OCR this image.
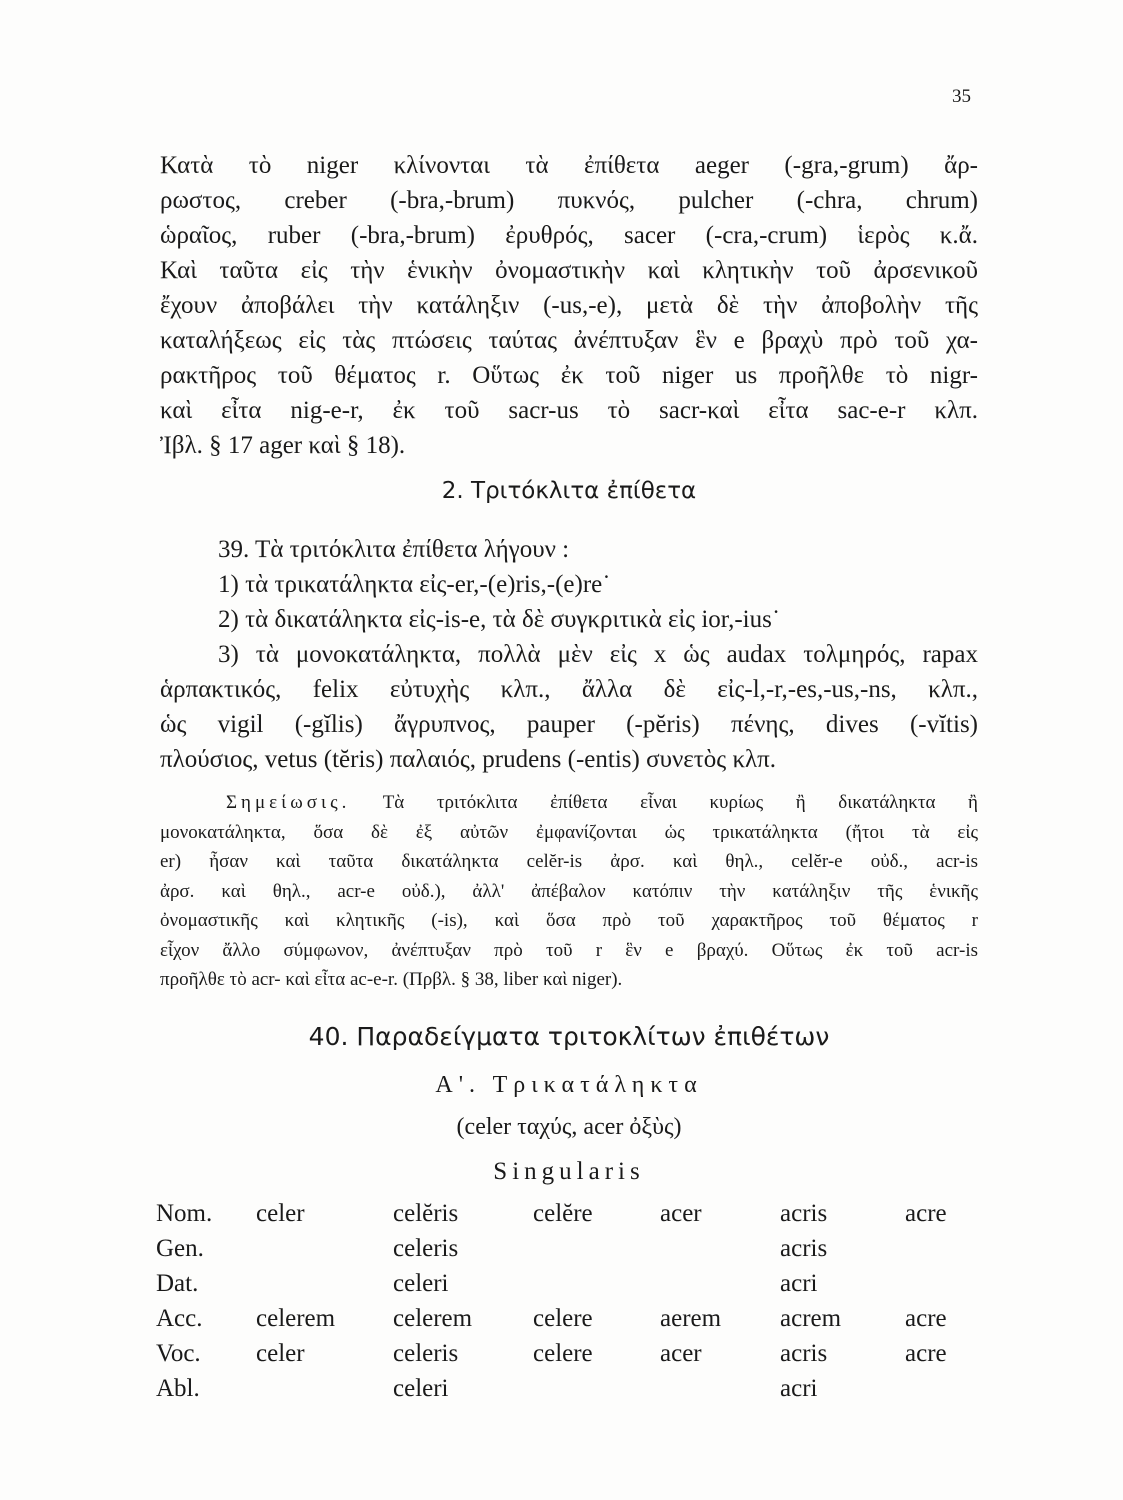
35
Κατὰ τὸ niger κλίνονται τὰ ἐπίθετα aeger (-gra,-grum) ἄρ-
ρωστος, creber (-bra,-brum) πυκνός, pulcher (-chra, chrum)
ὡραῖος, ruber (-bra,-brum) ἐρυθρός, sacer (-cra,-crum) ἱερὸς κ.ἄ.
Καὶ ταῦτα εἰς τὴν ἑνικὴν ὀνομαστικὴν καὶ κλητικὴν τοῦ ἀρσενικοῦ
ἔχουν ἀποβάλει τὴν κατάληξιν (-us,-e), μετὰ δὲ τὴν ἀποβολὴν τῆς
καταλήξεως εἰς τὰς πτώσεις ταύτας ἀνέπτυξαν ἓν e βραχὺ πρὸ τοῦ χα-
ρακτῆρος τοῦ θέματος r. Οὕτως ἐκ τοῦ niger us προῆλθε τὸ nigr-
καὶ εἶτα nig-e-r, ἐκ τοῦ sacr-us τὸ sacr-καὶ εἶτα sac-e-r κλπ.
Ἰβλ. § 17 ager καὶ § 18).
2. Τριτόκλιτα ἐπίθετα
39. Τὰ τριτόκλιτα ἐπίθετα λήγουν :
1) τὰ τρικατάληκτα εἰς-er,-(e)ris,-(e)re˙
2) τὰ δικατάληκτα εἰς-is-e, τὰ δὲ συγκριτικὰ εἰς ior,-ius˙
3) τὰ μονοκατάληκτα, πολλὰ μὲν εἰς x ὡς audax τολμηρός, rapax
ἁρπακτικός, felix εὐτυχὴς κλπ., ἄλλα δὲ εἰς-l,-r,-es,-us,-ns, κλπ.,
ὡς vigil (-gĭlis) ἄγρυπνος, pauper (-pĕris) πένης, dives (-vĭtis)
πλούσιος, vetus (tĕris) παλαιός, prudens (-entis) συνετὸς κλπ.
Σημείωσις. Τὰ τριτόκλιτα ἐπίθετα εἶναι κυρίως ἢ δικατάληκτα ἢ
μονοκατάληκτα, ὅσα δὲ ἐξ αὐτῶν ἐμφανίζονται ὡς τρικατάληκτα (ἤτοι τὰ εἰς
er) ἦσαν καὶ ταῦτα δικατάληκτα celĕr-is ἀρσ. καὶ θηλ., celĕr-e οὐδ., acr-is
ἀρσ. καὶ θηλ., acr-e οὐδ.), ἀλλ' ἀπέβαλον κατόπιν τὴν κατάληξιν τῆς ἑνικῆς
ὀνομαστικῆς καὶ κλητικῆς (-is), καὶ ὅσα πρὸ τοῦ χαρακτῆρος τοῦ θέματος r
εἶχον ἄλλο σύμφωνον, ἀνέπτυξαν πρὸ τοῦ r ἓν e βραχύ. Οὕτως ἐκ τοῦ acr-is
προῆλθε τὸ acr- καὶ εἶτα ac-e-r. (Πρβλ. § 38, liber καὶ niger).
40. Παραδείγματα τριτοκλίτων ἐπιθέτων
Α'. Τρικατάληκτα
(celer ταχύς, acer ὀξὺς)
Singularis
Nom.	celer	celĕris	celĕre	acer	acris	acre
Gen.		celeris			acris	
Dat.		celeri			acri	
Acc.	celerem	celerem	celere	aerem	acrem	acre
Voc.	celer	celeris	celere	acer	acris	acre
Abl.		celeri			acri	
